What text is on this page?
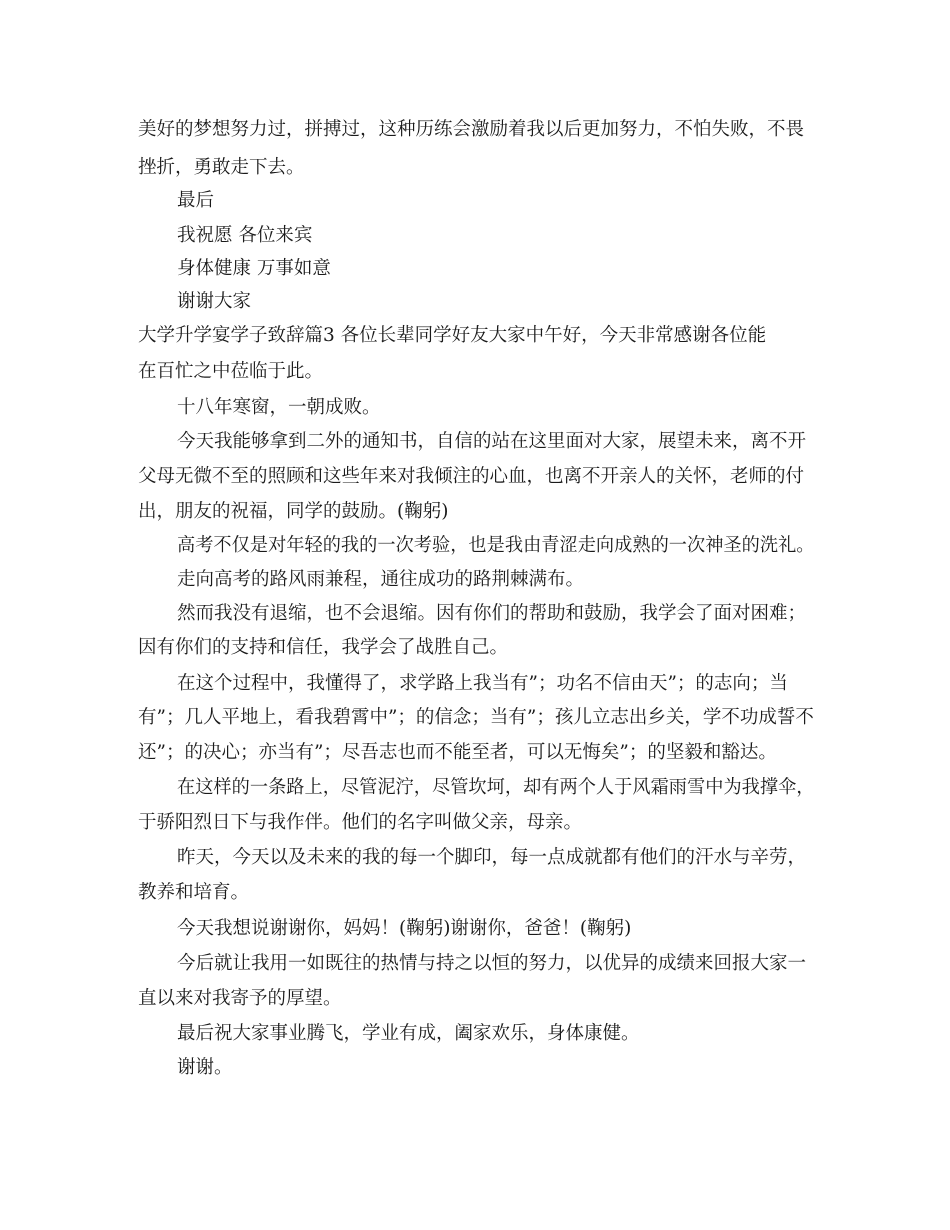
美好的梦想努力过，拼搏过，这种历练会激励着我以后更加努力，不怕失败，不畏
挫折，勇敢走下去。
最后
我祝愿 各位来宾
身体健康 万事如意
谢谢大家
大学升学宴学子致辞篇3 各位长辈同学好友大家中午好，今天非常感谢各位能
在百忙之中莅临于此。
十八年寒窗，一朝成败。
今天我能够拿到二外的通知书，自信的站在这里面对大家，展望未来，离不开
父母无微不至的照顾和这些年来对我倾注的心血，也离不开亲人的关怀，老师的付
出，朋友的祝福，同学的鼓励。(鞠躬)
高考不仅是对年轻的我的一次考验，也是我由青涩走向成熟的一次神圣的洗礼。
走向高考的路风雨兼程，通往成功的路荆棘满布。
然而我没有退缩，也不会退缩。因有你们的帮助和鼓励，我学会了面对困难；
因有你们的支持和信任，我学会了战胜自己。
在这个过程中，我懂得了，求学路上我当有”；功名不信由天”；的志向；当
有”；几人平地上，看我碧霄中”；的信念；当有”；孩儿立志出乡关，学不功成誓不
还”；的决心；亦当有”；尽吾志也而不能至者，可以无悔矣”；的坚毅和豁达。
在这样的一条路上，尽管泥泞，尽管坎坷，却有两个人于风霜雨雪中为我撑伞，
于骄阳烈日下与我作伴。他们的名字叫做父亲，母亲。
昨天，今天以及未来的我的每一个脚印，每一点成就都有他们的汗水与辛劳，
教养和培育。
今天我想说谢谢你，妈妈！(鞠躬)谢谢你，爸爸！(鞠躬)
今后就让我用一如既往的热情与持之以恒的努力，以优异的成绩来回报大家一
直以来对我寄予的厚望。
最后祝大家事业腾飞，学业有成，阖家欢乐，身体康健。
谢谢。
